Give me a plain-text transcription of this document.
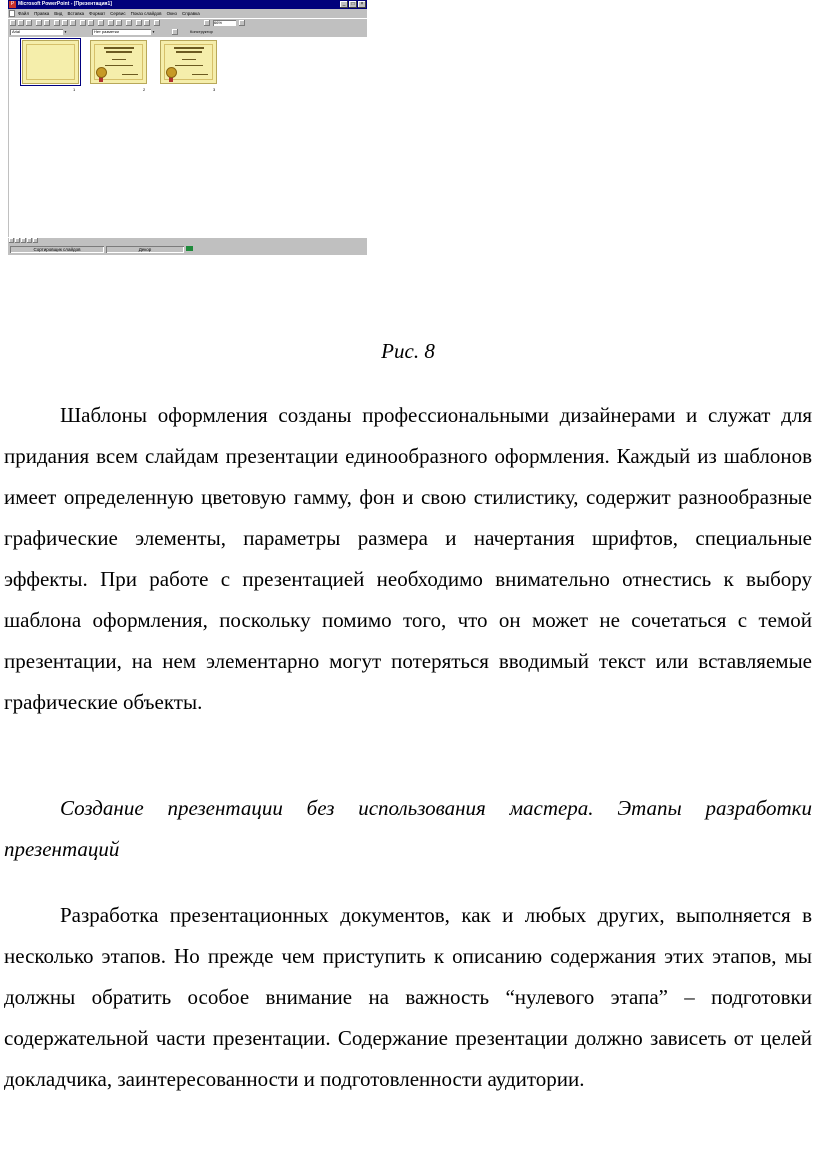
P Microsoft PowerPoint - [Презентация1]	_	□	×
Файл Правка Вид Вставка Формат Сервис Показ слайдов Окно Справка
66%
Arial	▼	Нет разметки	▼	Конструктор
1	2	3
Сортировщик слайдов	Декор
Рис. 8

Шаблоны оформления созданы профессиональными дизайнерами и служат для придания всем слайдам презентации единообразного оформления. Каждый из шаблонов имеет определенную цветовую гамму, фон и свою стилистику, содержит разнообразные графические элементы, параметры размера и начертания шрифтов, специальные эффекты. При работе с презентацией необходимо внимательно отнестись к выбору шаблона оформления, поскольку помимо того, что он может не сочетаться с темой презентации, на нем элементарно могут потеряться вводимый текст или вставляемые графические объекты.

Создание презентации без использования мастера. Этапы разработки презентаций

Разработка презентационных документов, как и любых других, выполняется в несколько этапов. Но прежде чем приступить к описанию содержания этих этапов, мы должны обратить особое внимание на важность “нулевого этапа” – подготовки содержательной части презентации. Содержание презентации должно зависеть от целей докладчика, заинтересованности и подготовленности аудитории.
